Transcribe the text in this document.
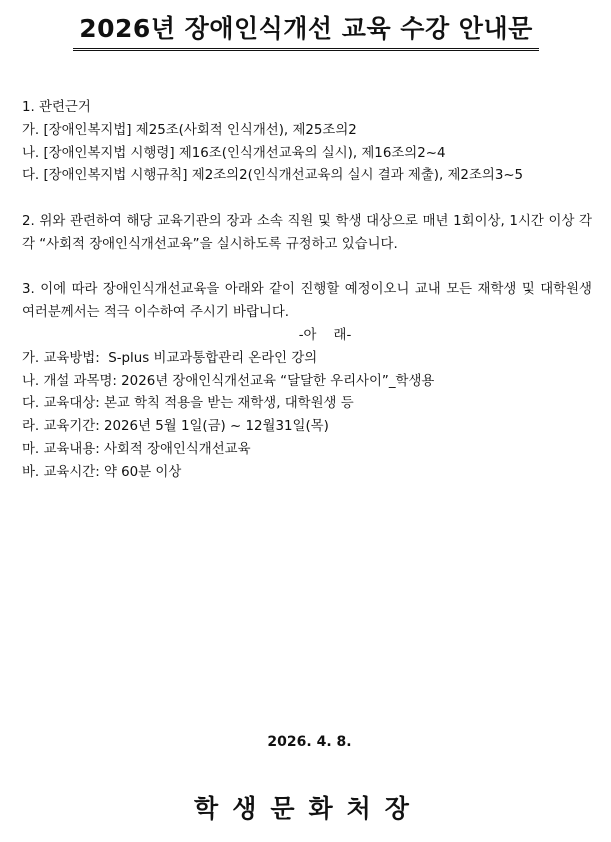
2026년 장애인식개선 교육 수강 안내문

1. 관련근거

가. [장애인복지법] 제25조(사회적 인식개선), 제25조의2

나. [장애인복지법 시행령] 제16조(인식개선교육의 실시), 제16조의2~4

다. [장애인복지법 시행규칙] 제2조의2(인식개선교육의 실시 결과 제출), 제2조의3~5

2. 위와 관련하여 해당 교육기관의 장과 소속 직원 및 학생 대상으로 매년 1회이상, 1시간 이상 각각 “사회적 장애인식개선교육”을 실시하도록 규정하고 있습니다.

3. 이에 따라 장애인식개선교육을 아래와 같이 진행할 예정이오니 교내 모든 재학생 및 대학원생 여러분께서는 적극 이수하여 주시기 바랍니다.

-아    래-

가. 교육방법:  S-plus 비교과통합관리 온라인 강의

나. 개설 과목명: 2026년 장애인식개선교육 “달달한 우리사이”_학생용

다. 교육대상: 본교 학칙 적용을 받는 재학생, 대학원생 등

라. 교육기간: 2026년 5월 1일(금) ~ 12월31일(목)

마. 교육내용: 사회적 장애인식개선교육

바. 교육시간: 약 60분 이상

2026. 4. 8.
학생문화처장
